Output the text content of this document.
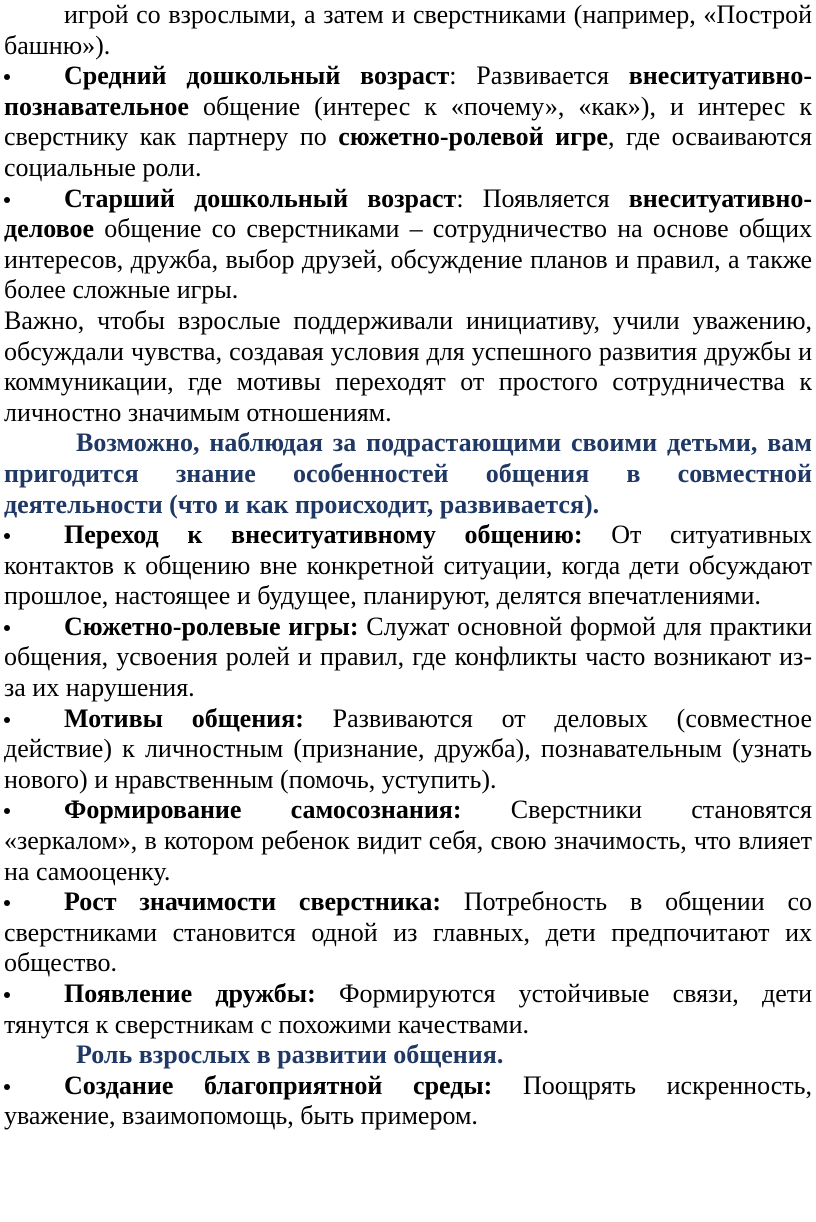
игрой со взрослыми, а затем и сверстниками (например, «Построй башню»).

Средний дошкольный возраст: Развивается внеситуативно-познавательное общение (интерес к «почему», «как»), и интерес к сверстнику как партнеру по сюжетно-ролевой игре, где осваиваются социальные роли.

Старший дошкольный возраст: Появляется внеситуативно-деловое общение со сверстниками – сотрудничество на основе общих интересов, дружба, выбор друзей, обсуждение планов и правил, а также более сложные игры.

Важно, чтобы взрослые поддерживали инициативу, учили уважению, обсуждали чувства, создавая условия для успешного развития дружбы и коммуникации, где мотивы переходят от простого сотрудничества к личностно значимым отношениям.

Возможно, наблюдая за подрастающими своими детьми, вам пригодится знание особенностей общения в совместной деятельности (что и как происходит, развивается).

Переход к внеситуативному общению: От ситуативных контактов к общению вне конкретной ситуации, когда дети обсуждают прошлое, настоящее и будущее, планируют, делятся впечатлениями.

Сюжетно-ролевые игры: Служат основной формой для практики общения, усвоения ролей и правил, где конфликты часто возникают из-за их нарушения.

Мотивы общения: Развиваются от деловых (совместное действие) к личностным (признание, дружба), познавательным (узнать нового) и нравственным (помочь, уступить).

Формирование самосознания: Сверстники становятся «зеркалом», в котором ребенок видит себя, свою значимость, что влияет на самооценку.

Рост значимости сверстника: Потребность в общении со сверстниками становится одной из главных, дети предпочитают их общество.

Появление дружбы: Формируются устойчивые связи, дети тянутся к сверстникам с похожими качествами.

Роль взрослых в развитии общения.

Создание благоприятной среды: Поощрять искренность, уважение, взаимопомощь, быть примером.
